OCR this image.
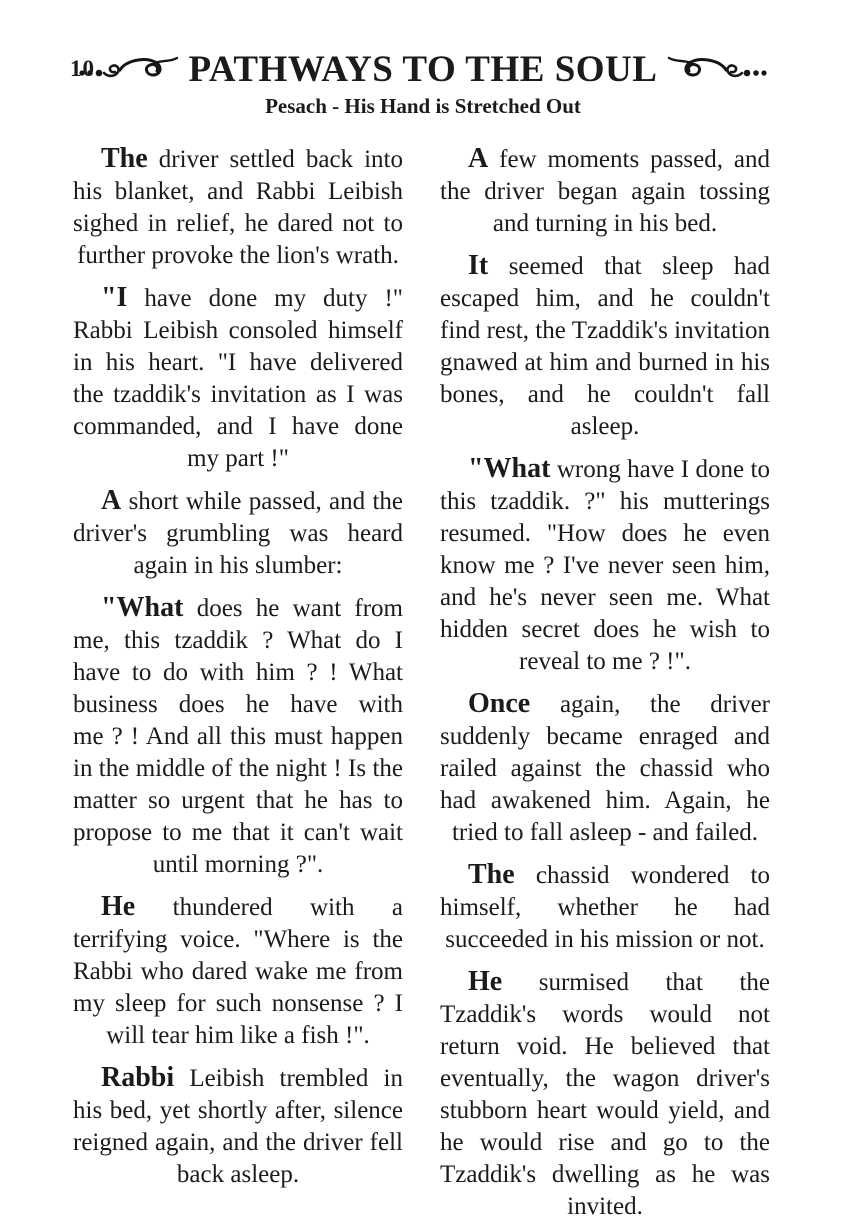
10	PATHWAYS TO THE SOUL
Pesach - His Hand is Stretched Out

The driver settled back into his blanket, and Rabbi Leibish sighed in relief, he dared not to further provoke the lion's wrath.

"I have done my duty !" Rabbi Leibish consoled himself in his heart. "I have delivered the tzaddik's invitation as I was commanded, and I have done my part !"

A short while passed, and the driver's grumbling was heard again in his slumber:

"What does he want from me, this tzaddik ? What do I have to do with him ? ! What business does he have with me ? ! And all this must happen in the middle of the night ! Is the matter so urgent that he has to propose to me that it can't wait until morning ?".

He thundered with a terrifying voice. "Where is the Rabbi who dared wake me from my sleep for such nonsense ? I will tear him like a fish !".

Rabbi Leibish trembled in his bed, yet shortly after, silence reigned again, and the driver fell back asleep.

A few moments passed, and the driver began again tossing and turning in his bed.

It seemed that sleep had escaped him, and he couldn't find rest, the Tzaddik's invitation gnawed at him and burned in his bones, and he couldn't fall asleep.

"What wrong have I done to this tzaddik. ?" his mutterings resumed. "How does he even know me ? I've never seen him, and he's never seen me. What hidden secret does he wish to reveal to me ? !".

Once again, the driver suddenly became enraged and railed against the chassid who had awakened him. Again, he tried to fall asleep - and failed.

The chassid wondered to himself, whether he had succeeded in his mission or not.

He surmised that the Tzaddik's words would not return void. He believed that eventually, the wagon driver's stubborn heart would yield, and he would rise and go to the Tzaddik's dwelling as he was invited.
